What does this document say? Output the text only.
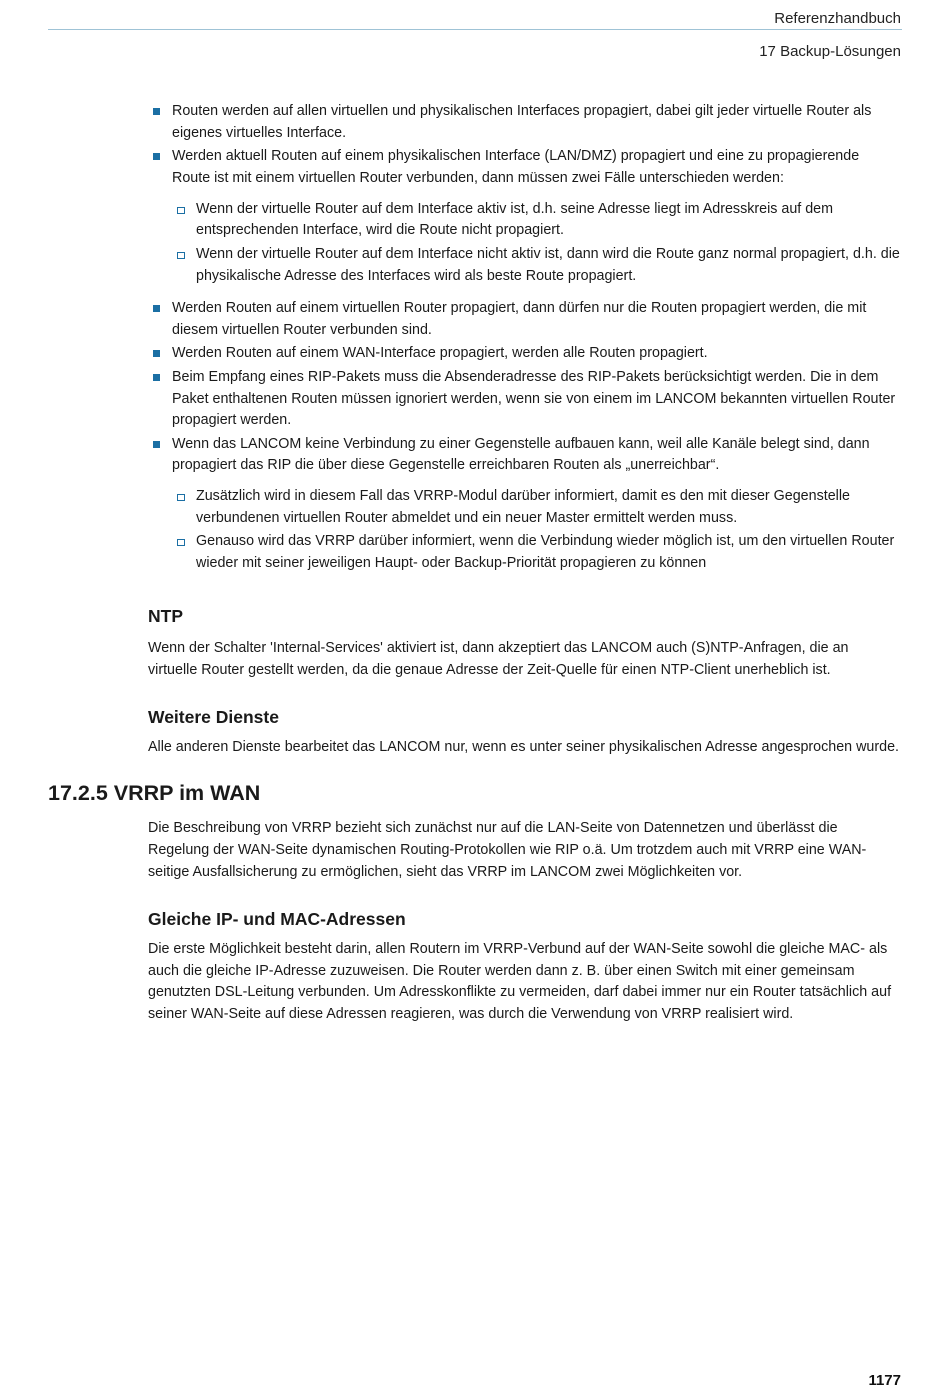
Referenzhandbuch
17 Backup-Lösungen
Routen werden auf allen virtuellen und physikalischen Interfaces propagiert, dabei gilt jeder virtuelle Router als eigenes virtuelles Interface.
Werden aktuell Routen auf einem physikalischen Interface (LAN/DMZ) propagiert und eine zu propagierende Route ist mit einem virtuellen Router verbunden, dann müssen zwei Fälle unterschieden werden:
Wenn der virtuelle Router auf dem Interface aktiv ist, d.h. seine Adresse liegt im Adresskreis auf dem entsprechenden Interface, wird die Route nicht propagiert.
Wenn der virtuelle Router auf dem Interface nicht aktiv ist, dann wird die Route ganz normal propagiert, d.h. die physikalische Adresse des Interfaces wird als beste Route propagiert.
Werden Routen auf einem virtuellen Router propagiert, dann dürfen nur die Routen propagiert werden, die mit diesem virtuellen Router verbunden sind.
Werden Routen auf einem WAN-Interface propagiert, werden alle Routen propagiert.
Beim Empfang eines RIP-Pakets muss die Absenderadresse des RIP-Pakets berücksichtigt werden. Die in dem Paket enthaltenen Routen müssen ignoriert werden, wenn sie von einem im LANCOM bekannten virtuellen Router propagiert werden.
Wenn das LANCOM keine Verbindung zu einer Gegenstelle aufbauen kann, weil alle Kanäle belegt sind, dann propagiert das RIP die über diese Gegenstelle erreichbaren Routen als „unerreichbar“.
Zusätzlich wird in diesem Fall das VRRP-Modul darüber informiert, damit es den mit dieser Gegenstelle verbundenen virtuellen Router abmeldet und ein neuer Master ermittelt werden muss.
Genauso wird das VRRP darüber informiert, wenn die Verbindung wieder möglich ist, um den virtuellen Router wieder mit seiner jeweiligen Haupt- oder Backup-Priorität propagieren zu können
NTP

Wenn der Schalter 'Internal-Services' aktiviert ist, dann akzeptiert das LANCOM auch (S)NTP-Anfragen, die an virtuelle Router gestellt werden, da die genaue Adresse der Zeit-Quelle für einen NTP-Client unerheblich ist.

Weitere Dienste

Alle anderen Dienste bearbeitet das LANCOM nur, wenn es unter seiner physikalischen Adresse angesprochen wurde.

17.2.5 VRRP im WAN

Die Beschreibung von VRRP bezieht sich zunächst nur auf die LAN-Seite von Datennetzen und überlässt die Regelung der WAN-Seite dynamischen Routing-Protokollen wie RIP o.ä. Um trotzdem auch mit VRRP eine WAN-seitige Ausfallsicherung zu ermöglichen, sieht das VRRP im LANCOM zwei Möglichkeiten vor.

Gleiche IP- und MAC-Adressen

Die erste Möglichkeit besteht darin, allen Routern im VRRP-Verbund auf der WAN-Seite sowohl die gleiche MAC- als auch die gleiche IP-Adresse zuzuweisen. Die Router werden dann z. B. über einen Switch mit einer gemeinsam genutzten DSL-Leitung verbunden. Um Adresskonflikte zu vermeiden, darf dabei immer nur ein Router tatsächlich auf seiner WAN-Seite auf diese Adressen reagieren, was durch die Verwendung von VRRP realisiert wird.

1177
